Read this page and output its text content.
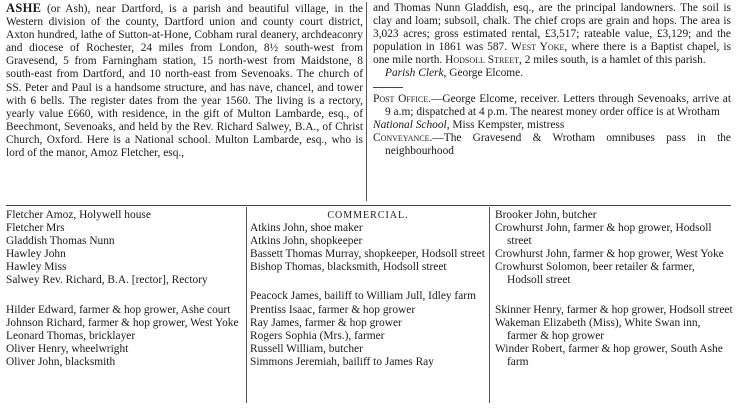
ASHE (or Ash), near Dartford, is a parish and beautiful village, in the Western division of the county, Dartford union and county court district, Axton hundred, lathe of Sutton-at-Hone, Cobham rural deanery, archdeaconry and diocese of Rochester, 24 miles from London, 8½ south-west from Gravesend, 5 from Farningham station, 15 north-west from Maidstone, 8 south-east from Dartford, and 10 north-east from Sevenoaks. The church of SS. Peter and Paul is a handsome structure, and has nave, chancel, and tower with 6 bells. The register dates from the year 1560. The living is a rectory, yearly value £660, with residence, in the gift of Multon Lambarde, esq., of Beechmont, Sevenoaks, and held by the Rev. Richard Salwey, B.A., of Christ Church, Oxford. Here is a National school. Multon Lambarde, esq., who is lord of the manor, Amoz Fletcher, esq.,

and Thomas Nunn Gladdish, esq., are the principal landowners. The soil is clay and loam; subsoil, chalk. The chief crops are grain and hops. The area is 3,023 acres; gross estimated rental, £3,517; rateable value, £3,129; and the population in 1861 was 587. West Yoke, where there is a Baptist chapel, is one mile north. Hodsoll Street, 2 miles south, is a hamlet of this parish.

Parish Clerk, George Elcome.

Post Office.—George Elcome, receiver. Letters through Sevenoaks, arrive at 9 a.m; dispatched at 4 p.m. The nearest money order office is at Wrotham

National School, Miss Kempster, mistress

Conveyance.—The Gravesend & Wrotham omnibuses pass in the neighbourhood

Fletcher Amoz, Holywell house

Fletcher Mrs

Gladdish Thomas Nunn

Hawley John

Hawley Miss

Salwey Rev. Richard, B.A. [rector], Rectory

Hilder Edward, farmer & hop grower, Ashe court

Johnson Richard, farmer & hop grower, West Yoke

Leonard Thomas, bricklayer

Oliver Henry, wheelwright

Oliver John, blacksmith

COMMERCIAL.

Atkins John, shoe maker

Atkins John, shopkeeper

Bassett Thomas Murray, shopkeeper, Hodsoll street

Bishop Thomas, blacksmith, Hodsoll street

Peacock James, bailiff to William Jull, Idley farm

Prentiss Isaac, farmer & hop grower

Ray James, farmer & hop grower

Rogers Sophia (Mrs.), farmer

Russell William, butcher

Simmons Jeremiah, bailiff to James Ray

Brooker John, butcher

Crowhurst John, farmer & hop grower, Hodsoll street

Crowhurst John, farmer & hop grower, West Yoke

Crowhurst Solomon, beer retailer & farmer, Hodsoll street

Skinner Henry, farmer & hop grower, Hodsoll street

Wakeman Elizabeth (Miss), White Swan inn, farmer & hop grower

Winder Robert, farmer & hop grower, South Ashe farm
